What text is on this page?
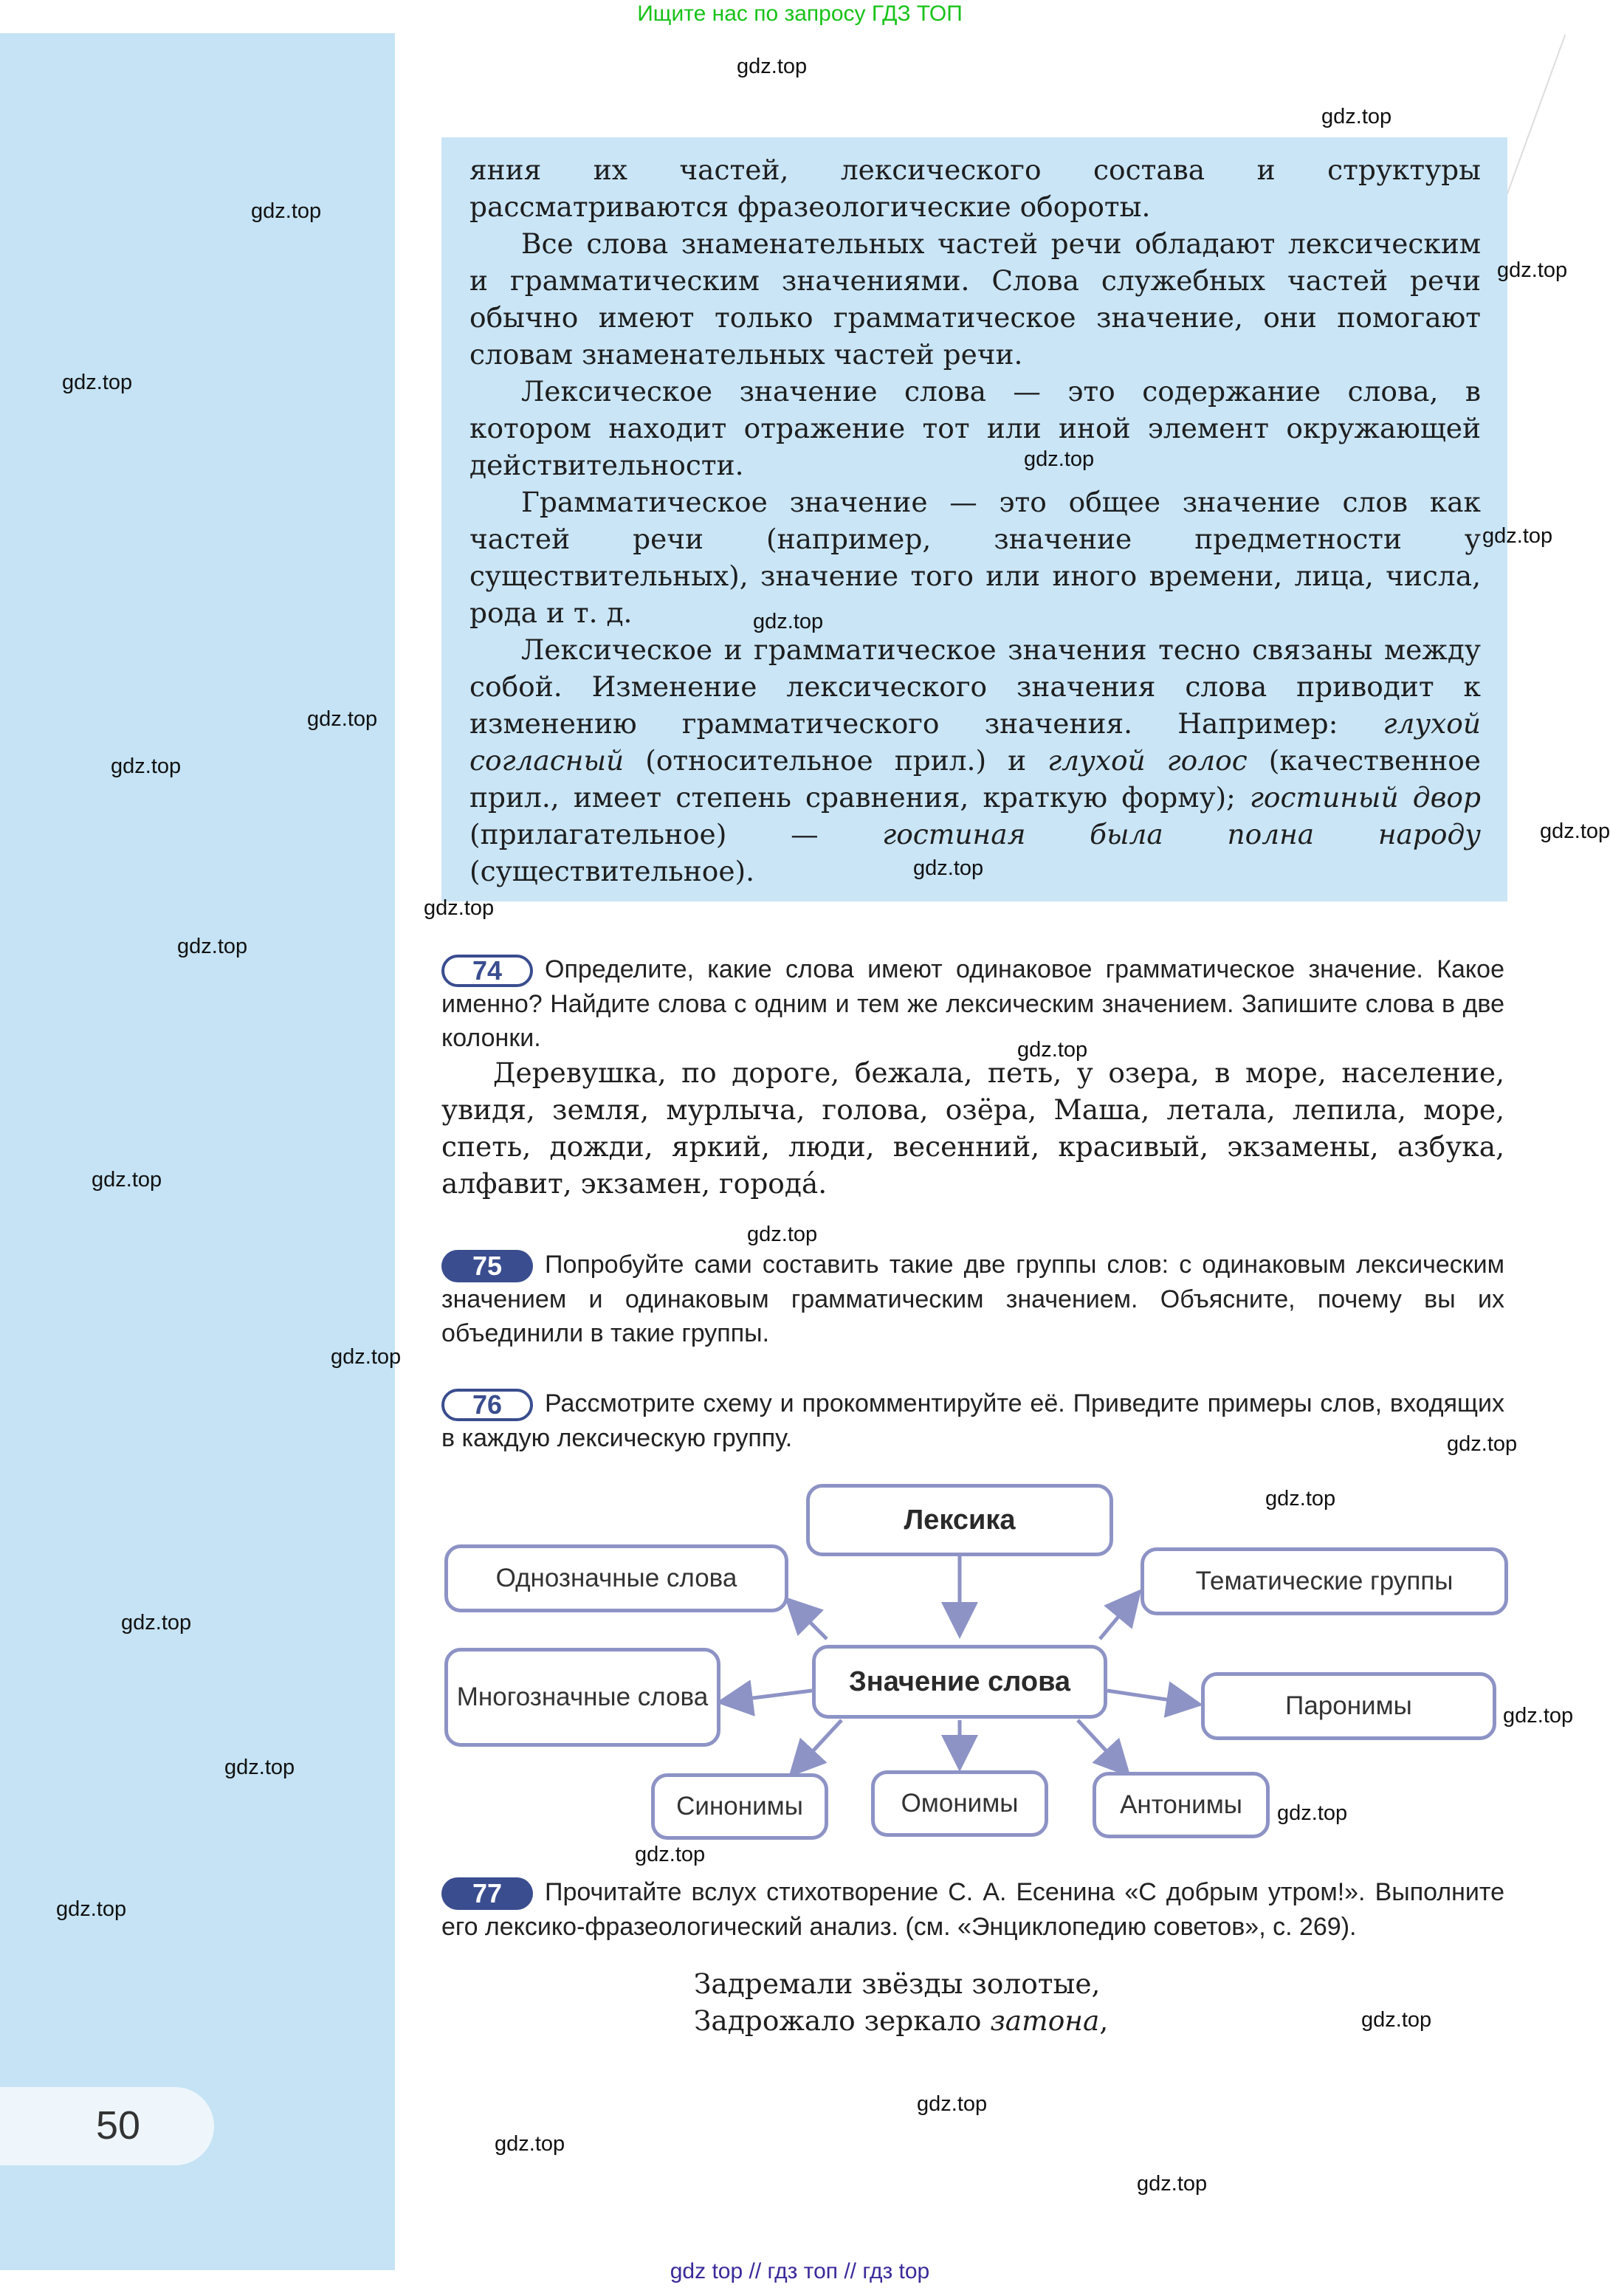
Ищите нас по запросу ГДЗ ТОП

яния их частей, лексического состава и структуры рассматриваются фразеологические обороты.

Все слова знаменательных частей речи обладают лексическим и грамматическим значениями. Слова служебных частей речи обычно имеют только грамматическое значение, они помогают словам знаменательных частей речи.

Лексическое значение слова — это содержание слова, в котором находит отражение тот или иной элемент окружающей действительности.

Грамматическое значение — это общее значение слов как частей речи (например, значение предметности у существительных), значение того или иного времени, лица, числа, рода и т. д.

Лексическое и грамматическое значения тесно связаны между собой. Изменение лексического значения слова приводит к изменению грамматического значения. Например: глухой согласный (относительное прил.) и глухой голос (качественное прил., имеет степень сравнения, краткую форму); гостиный двор (прилагательное) — гостиная была полна народу (существительное).

74 Определите, какие слова имеют одинаковое грамматическое значение. Какое именно? Найдите слова с одним и тем же лексическим значением. Запишите слова в две колонки.
Деревушка, по дороге, бежала, петь, у озера, в море, население, увидя, земля, мурлыча, голова, озёра, Маша, летала, лепила, море, спеть, дожди, яркий, люди, весенний, красивый, экзамены, азбука, алфавит, экзамен, города́.
75 Попробуйте сами составить такие две группы слов: с одинаковым лексическим значением и одинаковым грамматическим значением. Объясните, почему вы их объединили в такие группы.
76 Рассмотрите схему и прокомментируйте её. Приведите примеры слов, входящих в каждую лексическую группу.
Лексика
Однозначные слова	Тематические группы
Значение слова
Многозначные слова	Паронимы
Синонимы	Омонимы	Антонимы
77 Прочитайте вслух стихотворение С. А. Есенина «С добрым утром!». Выполните его лексико-фразеологический анализ. (см. «Энциклопедию советов», с. 269).
Задремали звёзды золотые,
Задрожало зеркало затона,
50
gdz.top
gdz.top
gdz.top
gdz.top
gdz.top
gdz.top
gdz.top
gdz.top
gdz.top
gdz.top
gdz.top
gdz.top
gdz.top
gdz.top
gdz.top
gdz.top
gdz.top
gdz.top
gdz.top
gdz.top
gdz.top
gdz.top
gdz.top
gdz.top
gdz.top
gdz.top
gdz.top
gdz.top
gdz.top
gdz.top
gdz top // гдз топ // гдз top
